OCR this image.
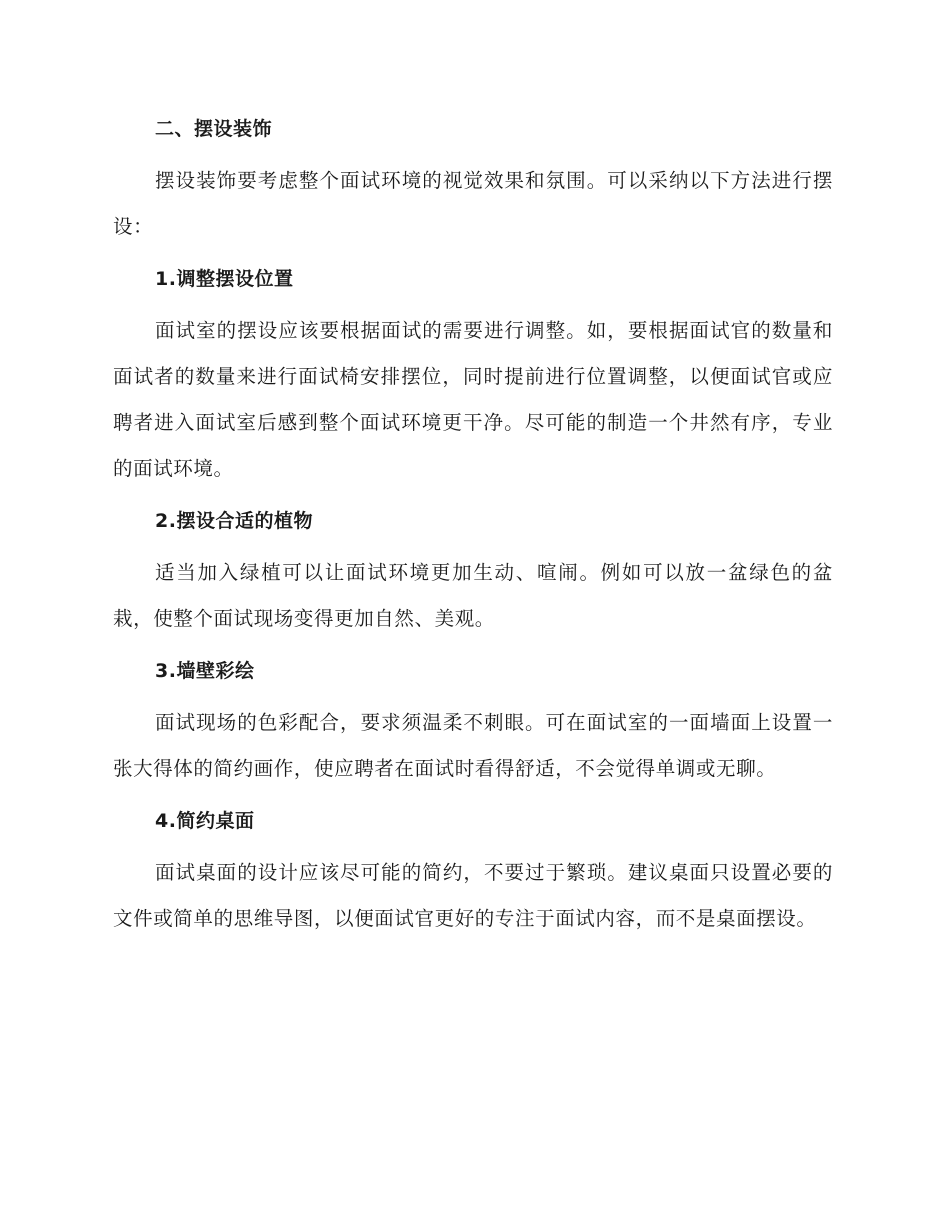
二、摆设装饰

摆设装饰要考虑整个面试环境的视觉效果和氛围。可以采纳以下方法进行摆设：

1.调整摆设位置

面试室的摆设应该要根据面试的需要进行调整。如，要根据面试官的数量和面试者的数量来进行面试椅安排摆位，同时提前进行位置调整，以便面试官或应聘者进入面试室后感到整个面试环境更干净。尽可能的制造一个井然有序，专业的面试环境。

2.摆设合适的植物

适当加入绿植可以让面试环境更加生动、喧闹。例如可以放一盆绿色的盆栽，使整个面试现场变得更加自然、美观。

3.墙壁彩绘

面试现场的色彩配合，要求须温柔不刺眼。可在面试室的一面墙面上设置一张大得体的简约画作，使应聘者在面试时看得舒适，不会觉得单调或无聊。

4.简约桌面

面试桌面的设计应该尽可能的简约，不要过于繁琐。建议桌面只设置必要的文件或简单的思维导图，以便面试官更好的专注于面试内容，而不是桌面摆设。
